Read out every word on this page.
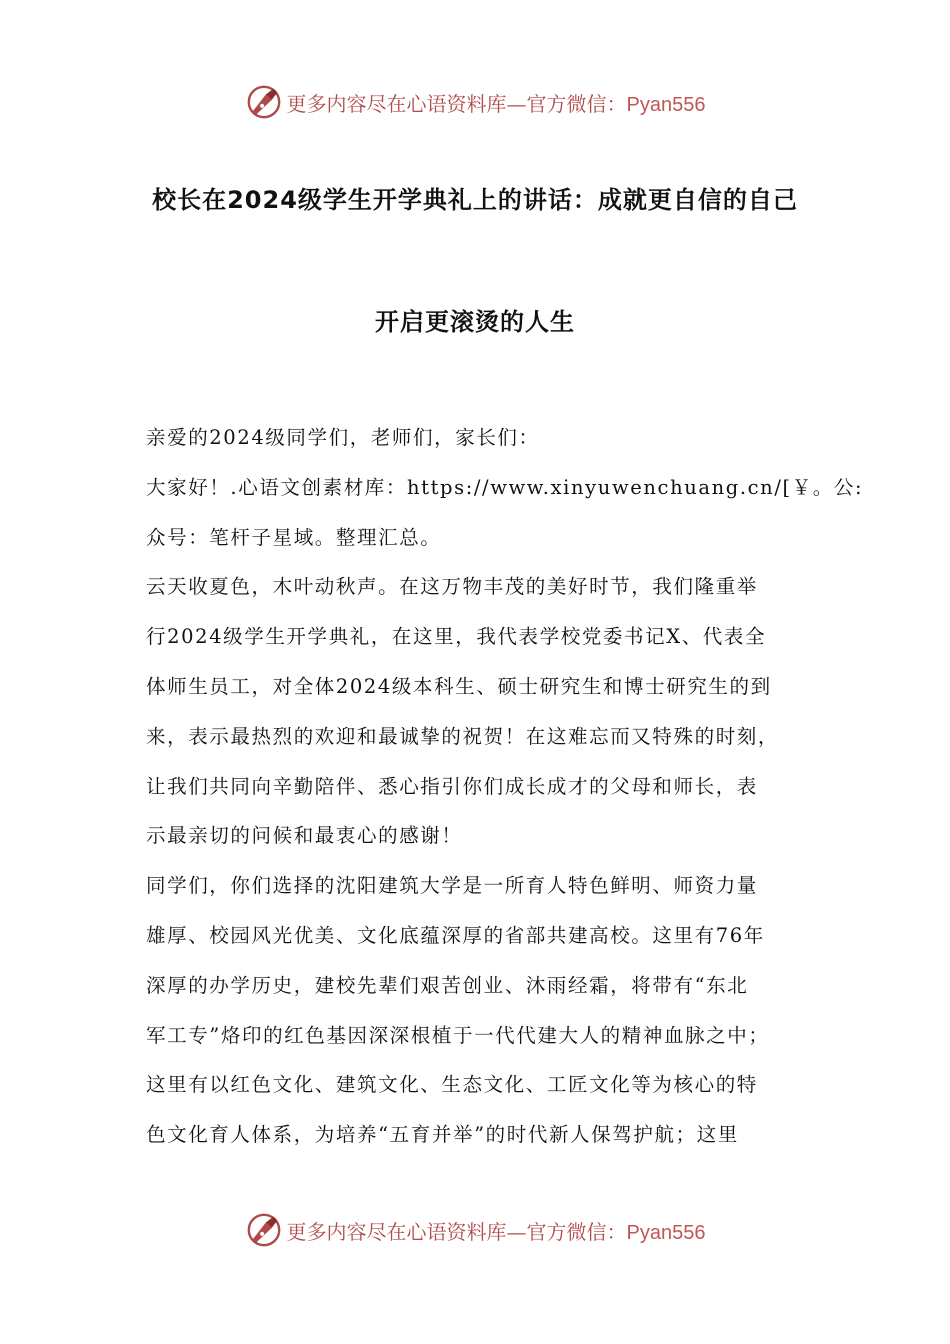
更多内容尽在心语资料库—官方微信：Pyan556
校长在2024级学生开学典礼上的讲话：成就更自信的自己
开启更滚烫的人生
亲爱的2024级同学们，老师们，家长们：
大家好！.心语文创素材库：https://www.xinyuwenchuang.cn/[￥。公:
众号：笔杆子星域。整理汇总。
云天收夏色，木叶动秋声。在这万物丰茂的美好时节，我们隆重举
行2024级学生开学典礼，在这里，我代表学校党委书记X、代表全
体师生员工，对全体2024级本科生、硕士研究生和博士研究生的到
来，表示最热烈的欢迎和最诚挚的祝贺！在这难忘而又特殊的时刻，
让我们共同向辛勤陪伴、悉心指引你们成长成才的父母和师长，表
示最亲切的问候和最衷心的感谢！
同学们，你们选择的沈阳建筑大学是一所育人特色鲜明、师资力量
雄厚、校园风光优美、文化底蕴深厚的省部共建高校。这里有76年
深厚的办学历史，建校先辈们艰苦创业、沐雨经霜，将带有“东北
军工专”烙印的红色基因深深根植于一代代建大人的精神血脉之中；
这里有以红色文化、建筑文化、生态文化、工匠文化等为核心的特
色文化育人体系，为培养“五育并举”的时代新人保驾护航；这里
更多内容尽在心语资料库—官方微信：Pyan556
